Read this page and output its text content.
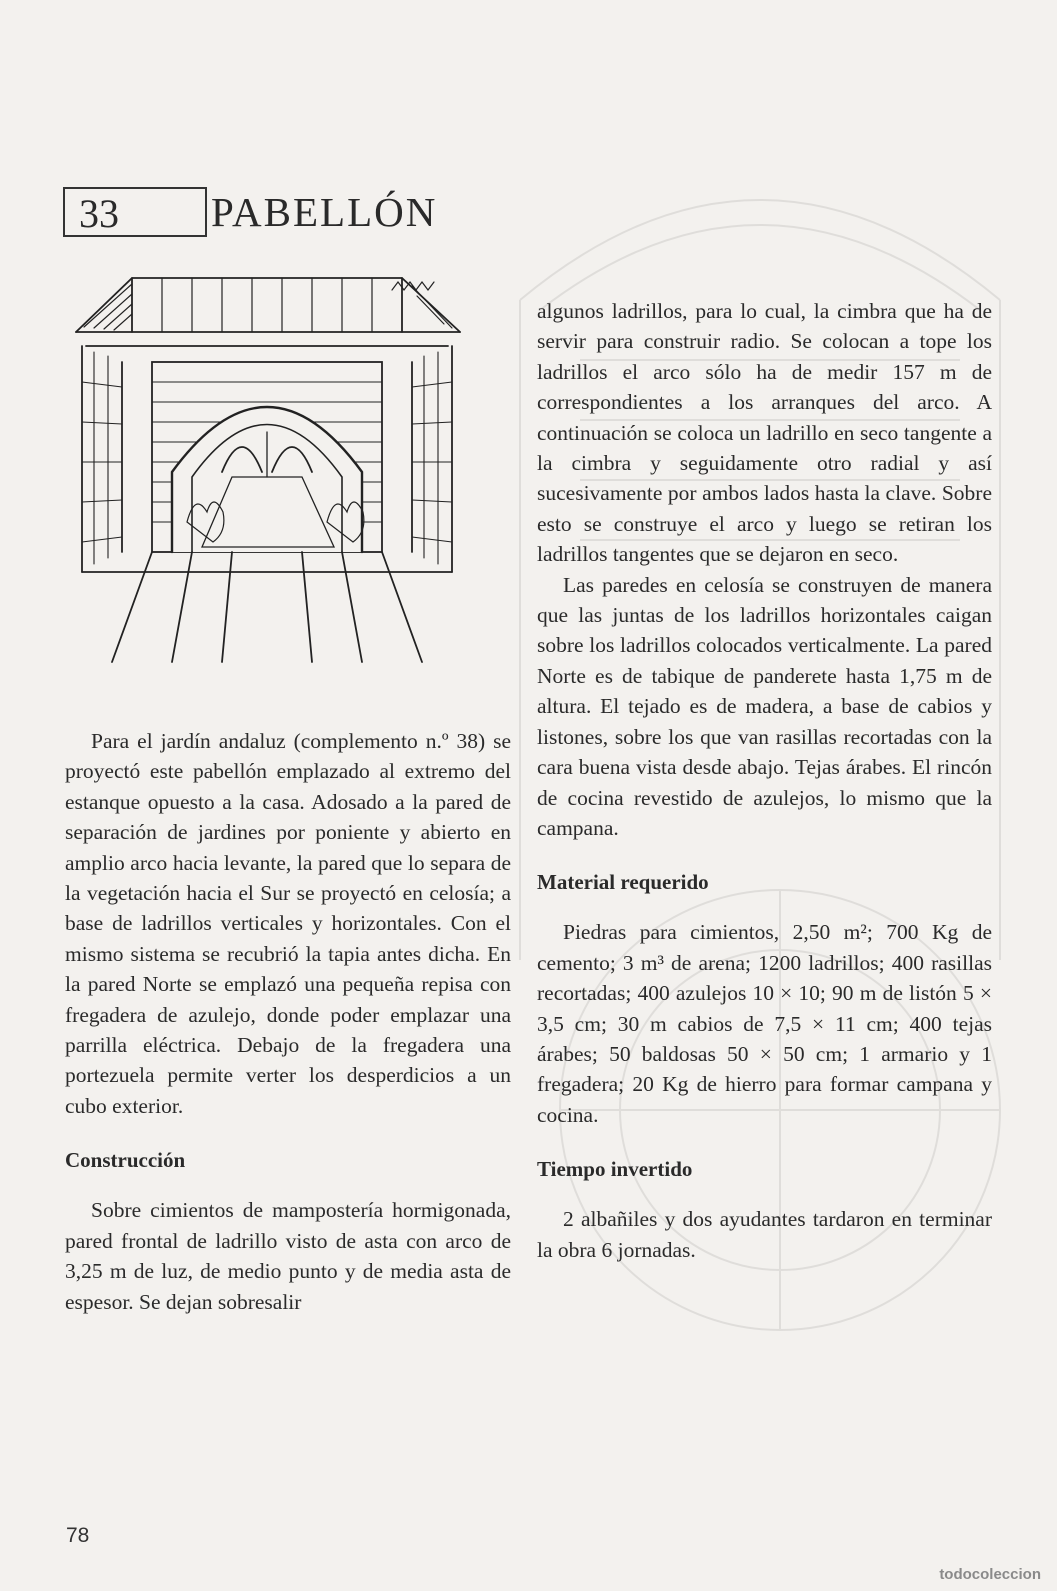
33	PABELLÓN

Para el jardín andaluz (complemento n.º 38) se proyectó este pabellón emplazado al extremo del estanque opuesto a la casa. Adosado a la pared de separación de jardines por poniente y abierto en amplio arco hacia levante, la pared que lo separa de la vegetación hacia el Sur se proyectó en celosía; a base de ladrillos verticales y horizontales. Con el mismo sistema se recubrió la tapia antes dicha. En la pared Norte se emplazó una pequeña repisa con fregadera de azulejo, donde poder emplazar una parrilla eléctrica. Debajo de la fregadera una portezuela permite verter los desperdicios a un cubo exterior.

Construcción

Sobre cimientos de mampostería hormigonada, pared frontal de ladrillo visto de asta con arco de 3,25 m de luz, de medio punto y de media asta de espesor. Se dejan sobresalir

algunos ladrillos, para lo cual, la cimbra que ha de servir para construir radio. Se colocan a tope los ladrillos el arco sólo ha de medir 157 m de correspondientes a los arranques del arco. A continuación se coloca un ladrillo en seco tangente a la cimbra y seguidamente otro radial y así sucesivamente por ambos lados hasta la clave. Sobre esto se construye el arco y luego se retiran los ladrillos tangentes que se dejaron en seco.

Las paredes en celosía se construyen de manera que las juntas de los ladrillos horizontales caigan sobre los ladrillos colocados verticalmente. La pared Norte es de tabique de panderete hasta 1,75 m de altura. El tejado es de madera, a base de cabios y listones, sobre los que van rasillas recortadas con la cara buena vista desde abajo. Tejas árabes. El rincón de cocina revestido de azulejos, lo mismo que la campana.

Material requerido

Piedras para cimientos, 2,50 m²; 700 Kg de cemento; 3 m³ de arena; 1200 ladrillos; 400 rasillas recortadas; 400 azulejos 10 × 10; 90 m de listón 5 × 3,5 cm; 30 m cabios de 7,5 × 11 cm; 400 tejas árabes; 50 baldosas 50 × 50 cm; 1 armario y 1 fregadera; 20 Kg de hierro para formar campana y cocina.

Tiempo invertido

2 albañiles y dos ayudantes tardaron en terminar la obra 6 jornadas.

78
todocoleccion
